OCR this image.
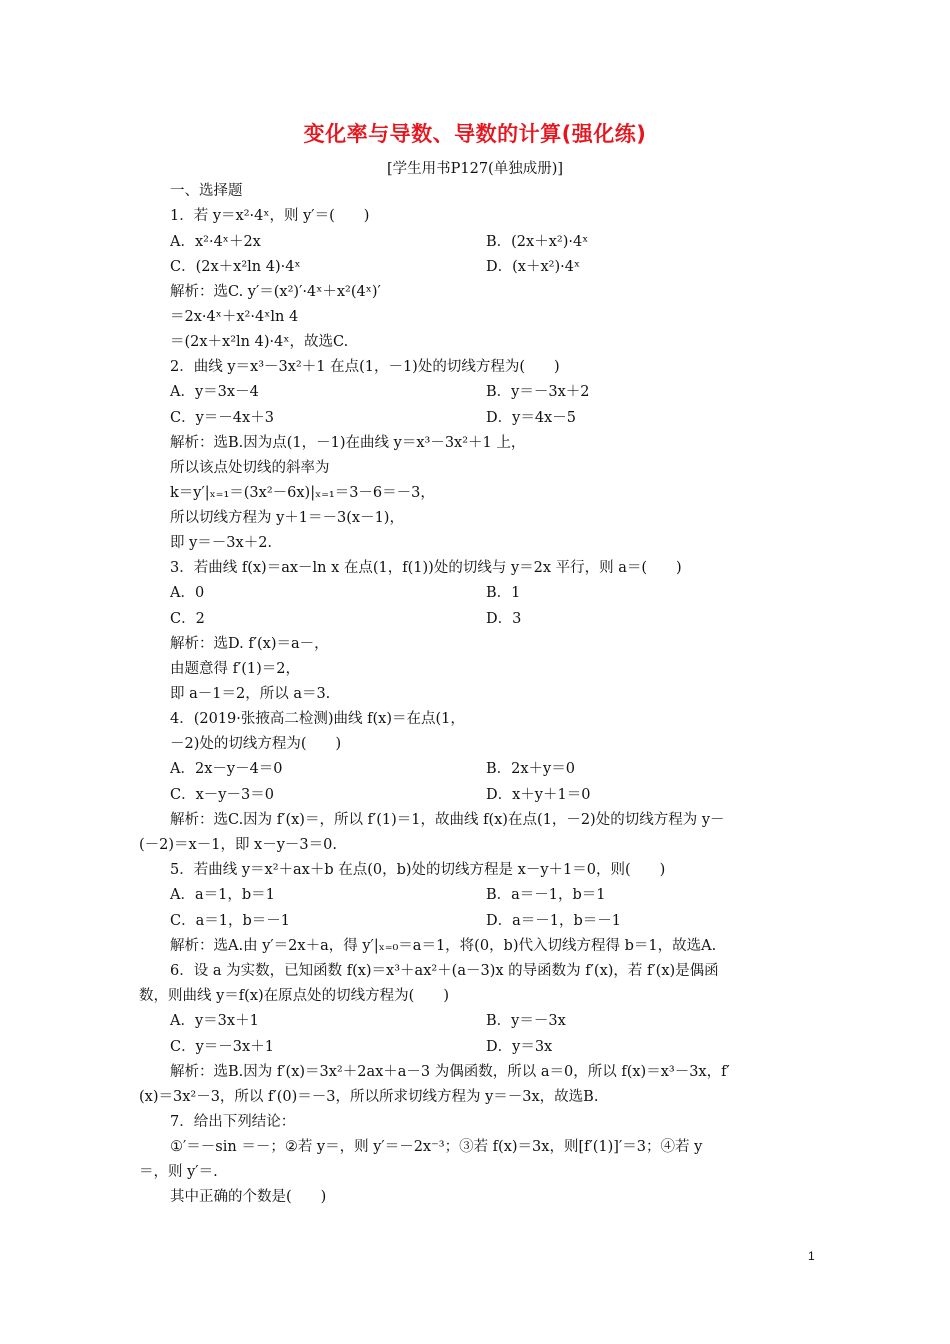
变化率与导数、导数的计算(强化练)
[学生用书P127(单独成册)]
一、选择题
1．若 y＝x²·4ˣ，则 y′＝(　　)
A．x²·4ˣ＋2x	B．(2x＋x²)·4ˣ
C．(2x＋x²ln 4)·4ˣ	D．(x＋x²)·4ˣ
解析：选C. y′＝(x²)′·4ˣ＋x²(4ˣ)′
＝2x·4ˣ＋x²·4ˣln 4
＝(2x＋x²ln 4)·4ˣ，故选C.
2．曲线 y＝x³－3x²＋1 在点(1，－1)处的切线方程为(　　)
A．y＝3x－4	B．y＝－3x＋2
C．y＝－4x＋3	D．y＝4x－5
解析：选B.因为点(1，－1)在曲线 y＝x³－3x²＋1 上，
所以该点处切线的斜率为
k＝y′|ₓ₌₁＝(3x²－6x)|ₓ₌₁＝3－6＝－3，
所以切线方程为 y＋1＝－3(x－1)，
即 y＝－3x＋2.
3．若曲线 f(x)＝ax－ln x 在点(1，f(1))处的切线与 y＝2x 平行，则 a＝(　　)
A．0	B．1
C．2	D．3
解析：选D. f′(x)＝a－，
由题意得 f′(1)＝2，
即 a－1＝2，所以 a＝3.
4．(2019·张掖高二检测)曲线 f(x)＝在点(1，
－2)处的切线方程为(　　)
A．2x－y－4＝0	B．2x＋y＝0
C．x－y－3＝0	D．x＋y＋1＝0
解析：选C.因为 f′(x)＝，所以 f′(1)＝1，故曲线 f(x)在点(1，－2)处的切线方程为 y－
(－2)＝x－1，即 x－y－3＝0.
5．若曲线 y＝x²＋ax＋b 在点(0，b)处的切线方程是 x－y＋1＝0，则(　　)
A．a＝1，b＝1	B．a＝－1，b＝1
C．a＝1，b＝－1	D．a＝－1，b＝－1
解析：选A.由 y′＝2x＋a，得 y′|ₓ₌₀＝a＝1，将(0，b)代入切线方程得 b＝1，故选A.
6．设 a 为实数，已知函数 f(x)＝x³＋ax²＋(a－3)x 的导函数为 f′(x)，若 f′(x)是偶函
数，则曲线 y＝f(x)在原点处的切线方程为(　　)
A．y＝3x＋1	B．y＝－3x
C．y＝－3x＋1	D．y＝3x
解析：选B.因为 f′(x)＝3x²＋2ax＋a－3 为偶函数，所以 a＝0，所以 f(x)＝x³－3x，f′
(x)＝3x²－3，所以 f′(0)＝－3，所以所求切线方程为 y＝－3x，故选B.
7．给出下列结论：
①′＝－sin ＝－；②若 y＝，则 y′＝－2x⁻³；③若 f(x)＝3x，则[f′(1)]′＝3；④若 y
＝，则 y′＝.
其中正确的个数是(　　)
1
